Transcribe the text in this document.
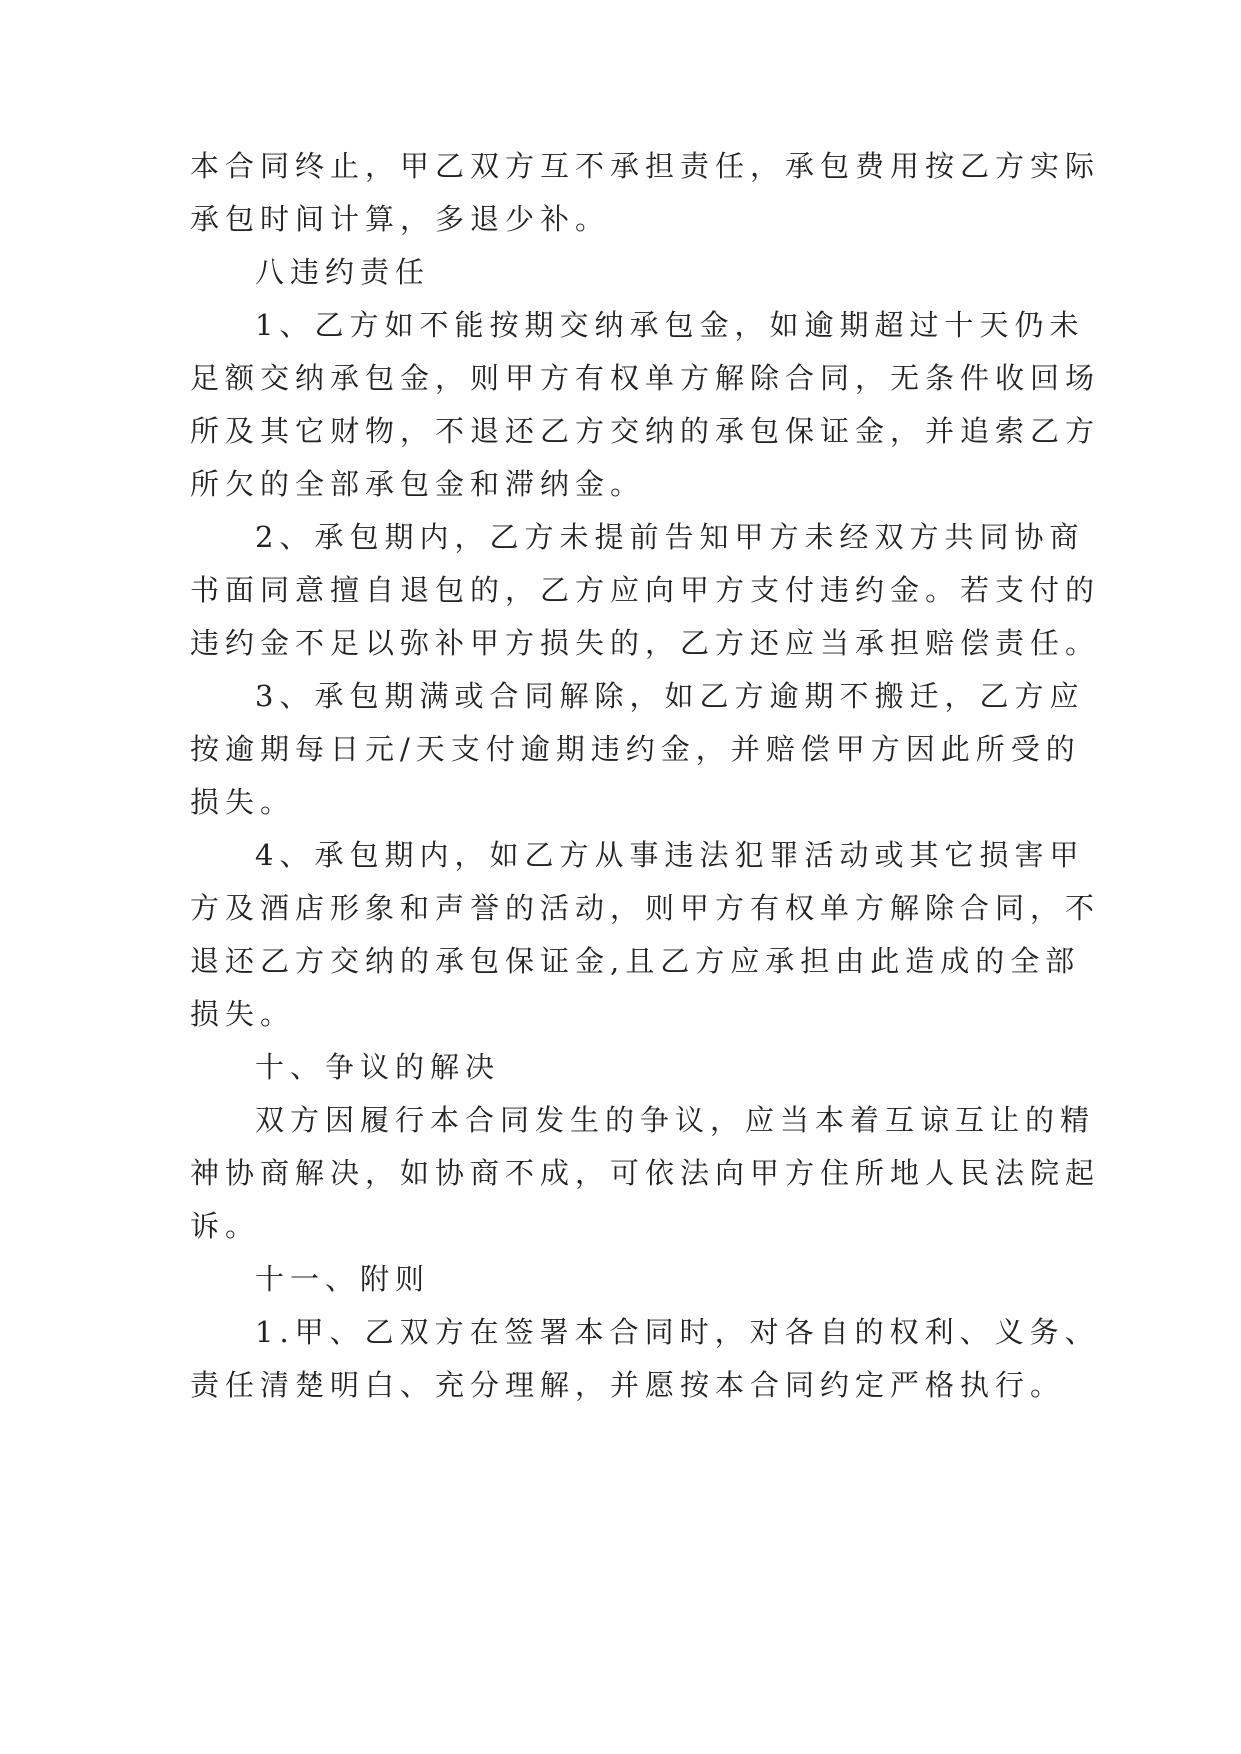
本合同终止，甲乙双方互不承担责任，承包费用按乙方实际
承包时间计算，多退少补。
八违约责任
1、乙方如不能按期交纳承包金，如逾期超过十天仍未
足额交纳承包金，则甲方有权单方解除合同，无条件收回场
所及其它财物，不退还乙方交纳的承包保证金，并追索乙方
所欠的全部承包金和滞纳金。
2、承包期内，乙方未提前告知甲方未经双方共同协商
书面同意擅自退包的，乙方应向甲方支付违约金。若支付的
违约金不足以弥补甲方损失的，乙方还应当承担赔偿责任。
3、承包期满或合同解除，如乙方逾期不搬迁，乙方应
按逾期每日元/天支付逾期违约金，并赔偿甲方因此所受的
损失。
4、承包期内，如乙方从事违法犯罪活动或其它损害甲
方及酒店形象和声誉的活动，则甲方有权单方解除合同，不
退还乙方交纳的承包保证金,且乙方应承担由此造成的全部
损失。
十、争议的解决
双方因履行本合同发生的争议，应当本着互谅互让的精
神协商解决，如协商不成，可依法向甲方住所地人民法院起
诉。
十一、附则
1.甲、乙双方在签署本合同时，对各自的权利、义务、
责任清楚明白、充分理解，并愿按本合同约定严格执行。
